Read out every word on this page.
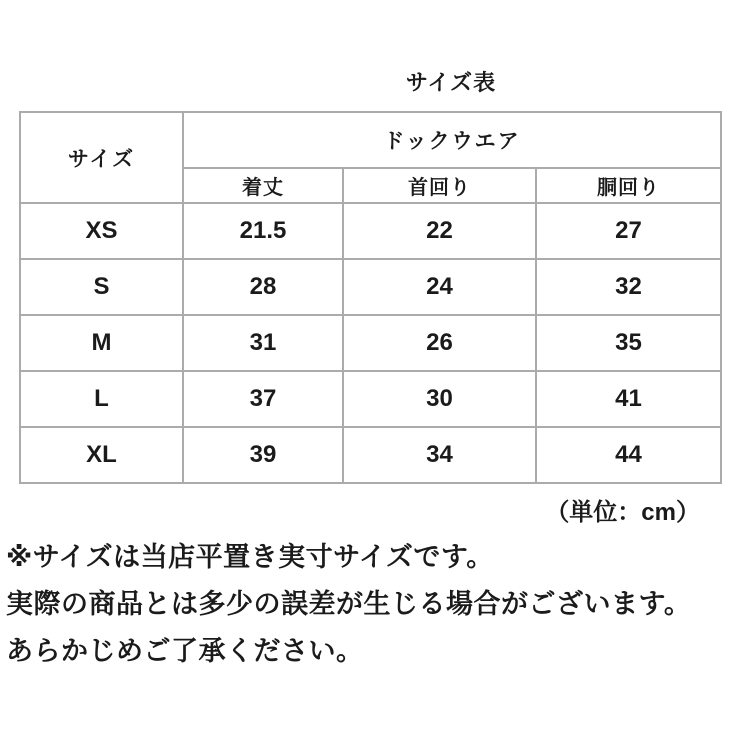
サイズ表
サイズ	ドックウエア		
	着丈	首回り	胴回り
XS	21.5	22	27
S	28	24	32
M	31	26	35
L	37	30	41
XL	39	34	44
（単位：cm）
※サイズは当店平置き実寸サイズです。
実際の商品とは多少の誤差が生じる場合がございます。
あらかじめご了承ください。
